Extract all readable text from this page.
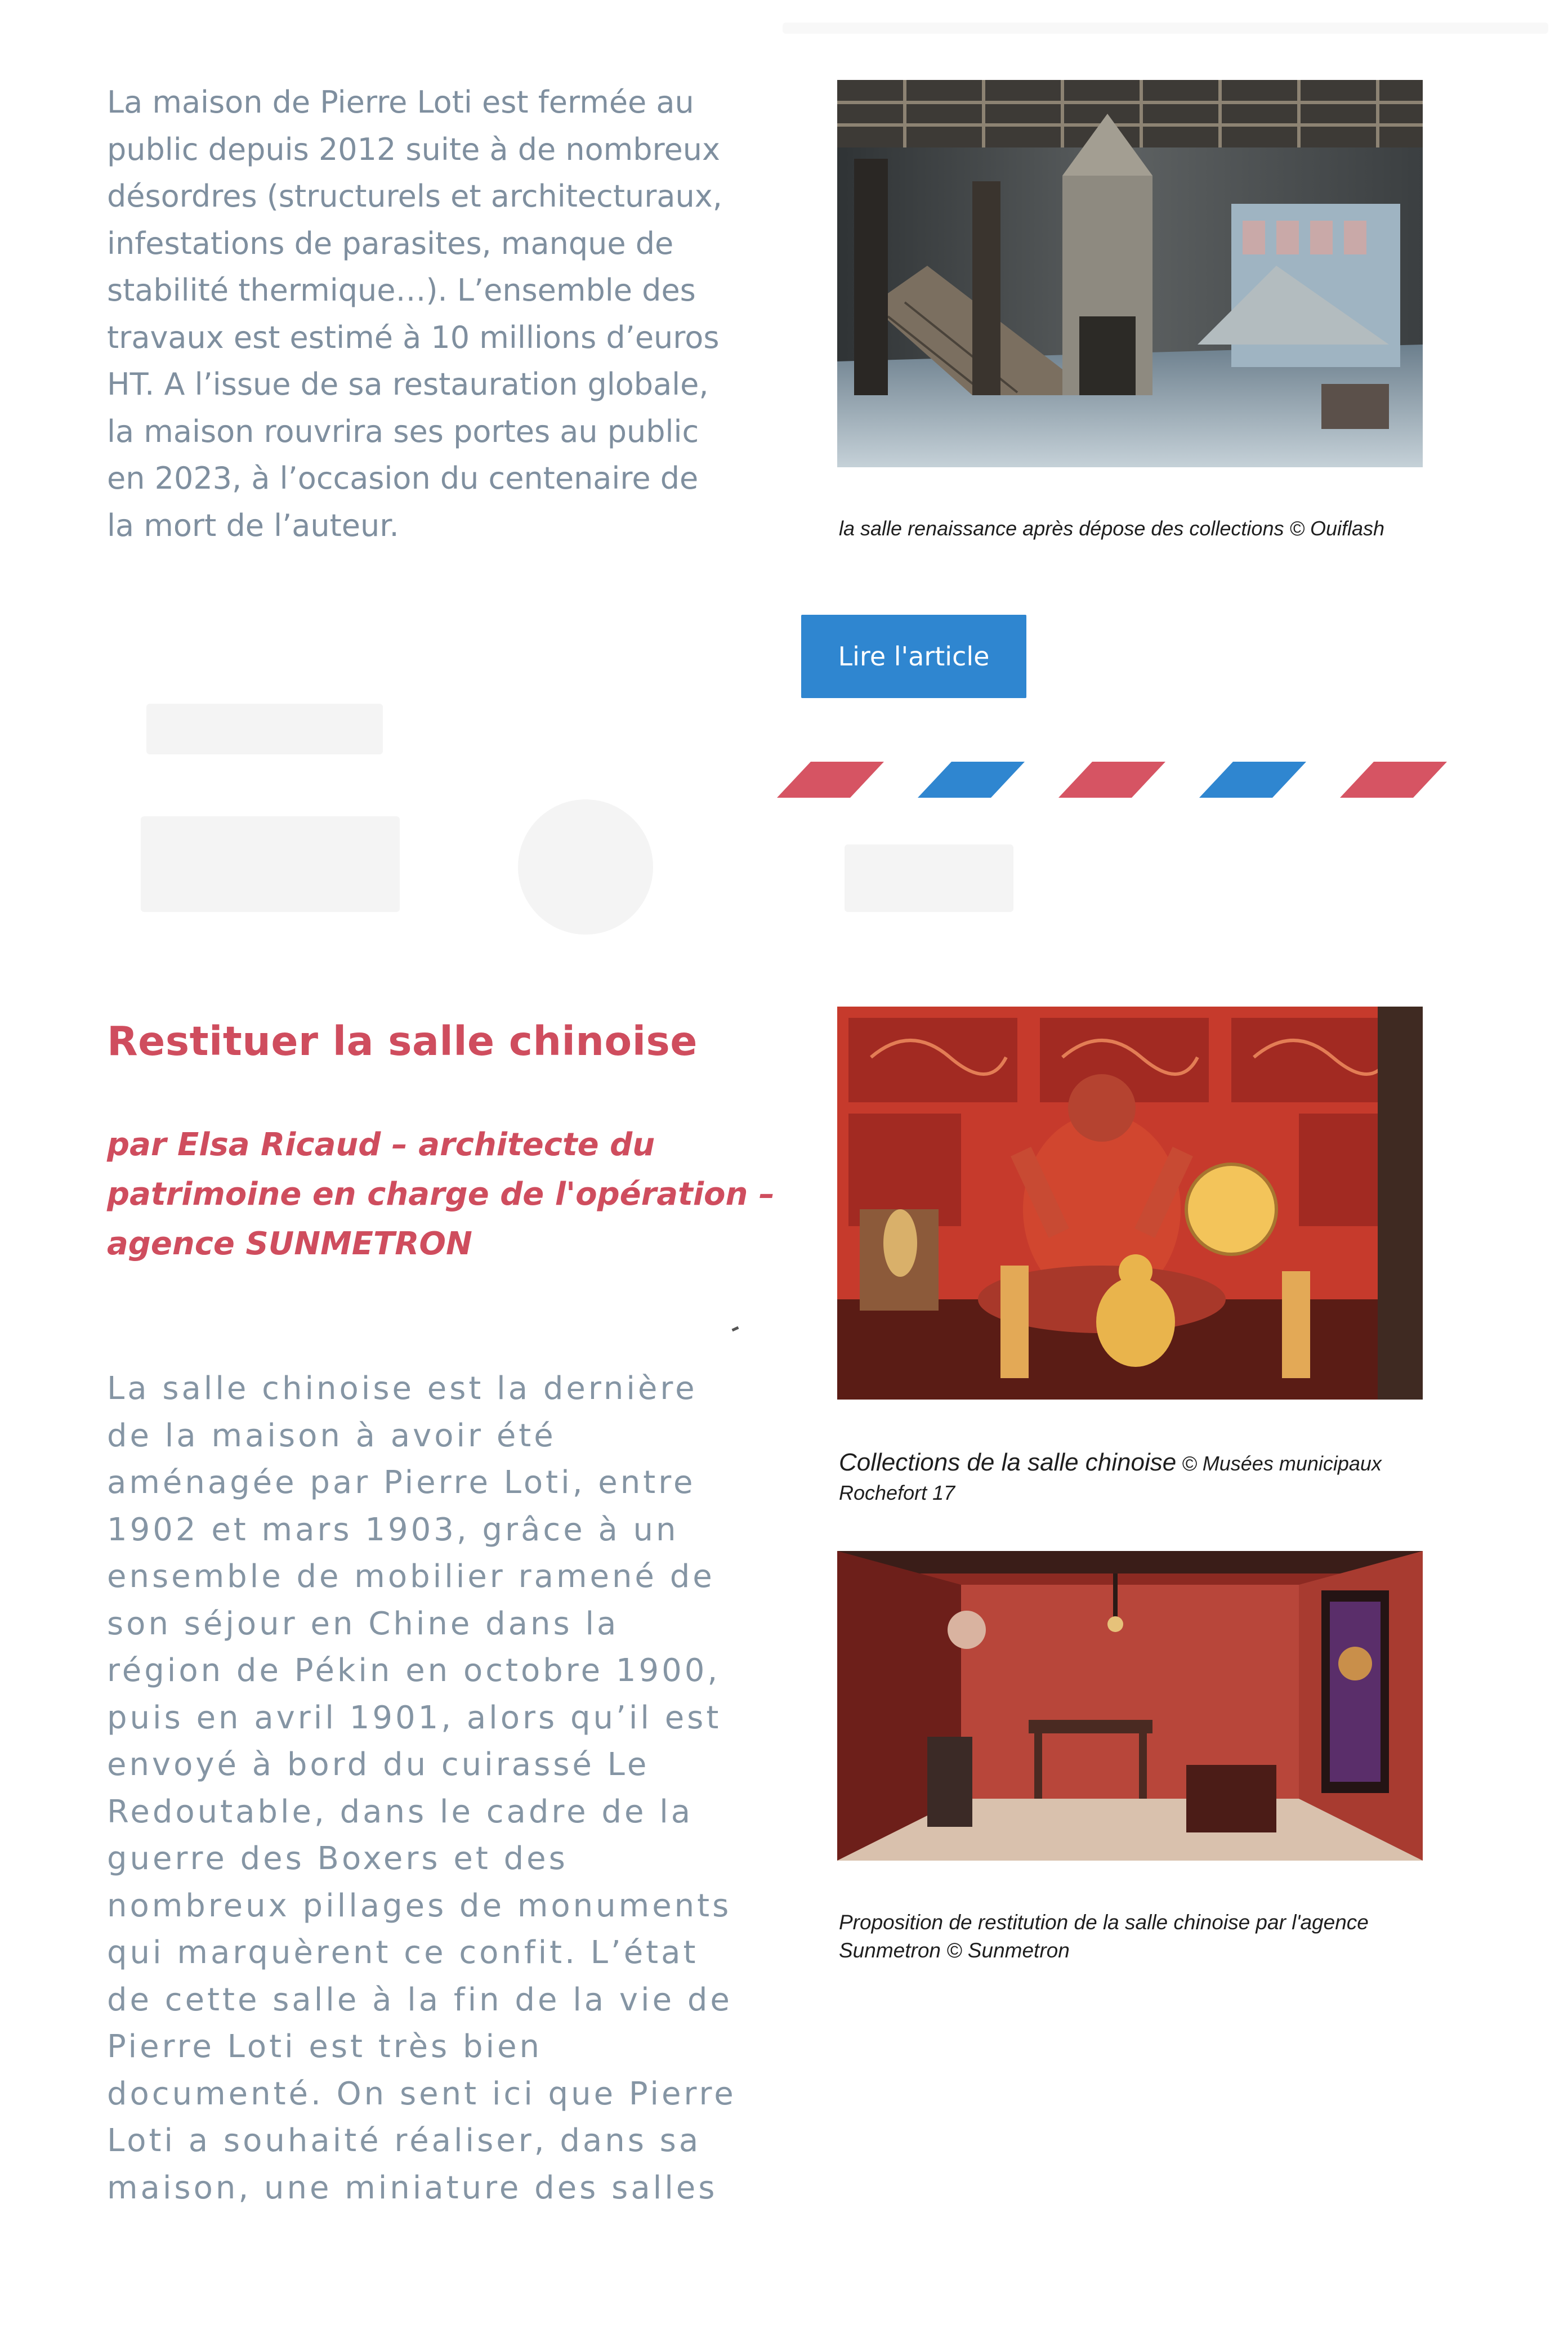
La maison de Pierre Loti est fermée au public depuis 2012 suite à de nombreux désordres (structurels et architecturaux, infestations de parasites, manque de stabilité thermique…). L’ensemble des travaux est estimé à 10 millions d’euros HT. A l’issue de sa restauration globale, la maison rouvrira ses portes au public en 2023, à l’occasion du centenaire de la mort de l’auteur.	la salle renaissance après dépose des collections © Ouiflash

Lire l'article
Restituer la salle chinoise

par Elsa Ricaud – architecte du patrimoine en charge de l'opération – agence SUNMETRON

Collections de la salle chinoise © Musées municipaux Rochefort 17

Proposition de restitution de la salle chinoise par l'agence Sunmetron © Sunmetron

La salle chinoise est la dernière de la maison à avoir été aménagée par Pierre Loti, entre 1902 et mars 1903, grâce à un ensemble de mobilier ramené de son séjour en Chine dans la région de Pékin en octobre 1900, puis en avril 1901, alors qu’il est envoyé à bord du cuirassé Le Redoutable, dans le cadre de la guerre des Boxers et des nombreux pillages de monuments qui marquèrent ce confit. L’état de cette salle à la fin de la vie de Pierre Loti est très bien documenté. On sent ici que Pierre Loti a souhaité réaliser, dans sa maison, une miniature des salles
